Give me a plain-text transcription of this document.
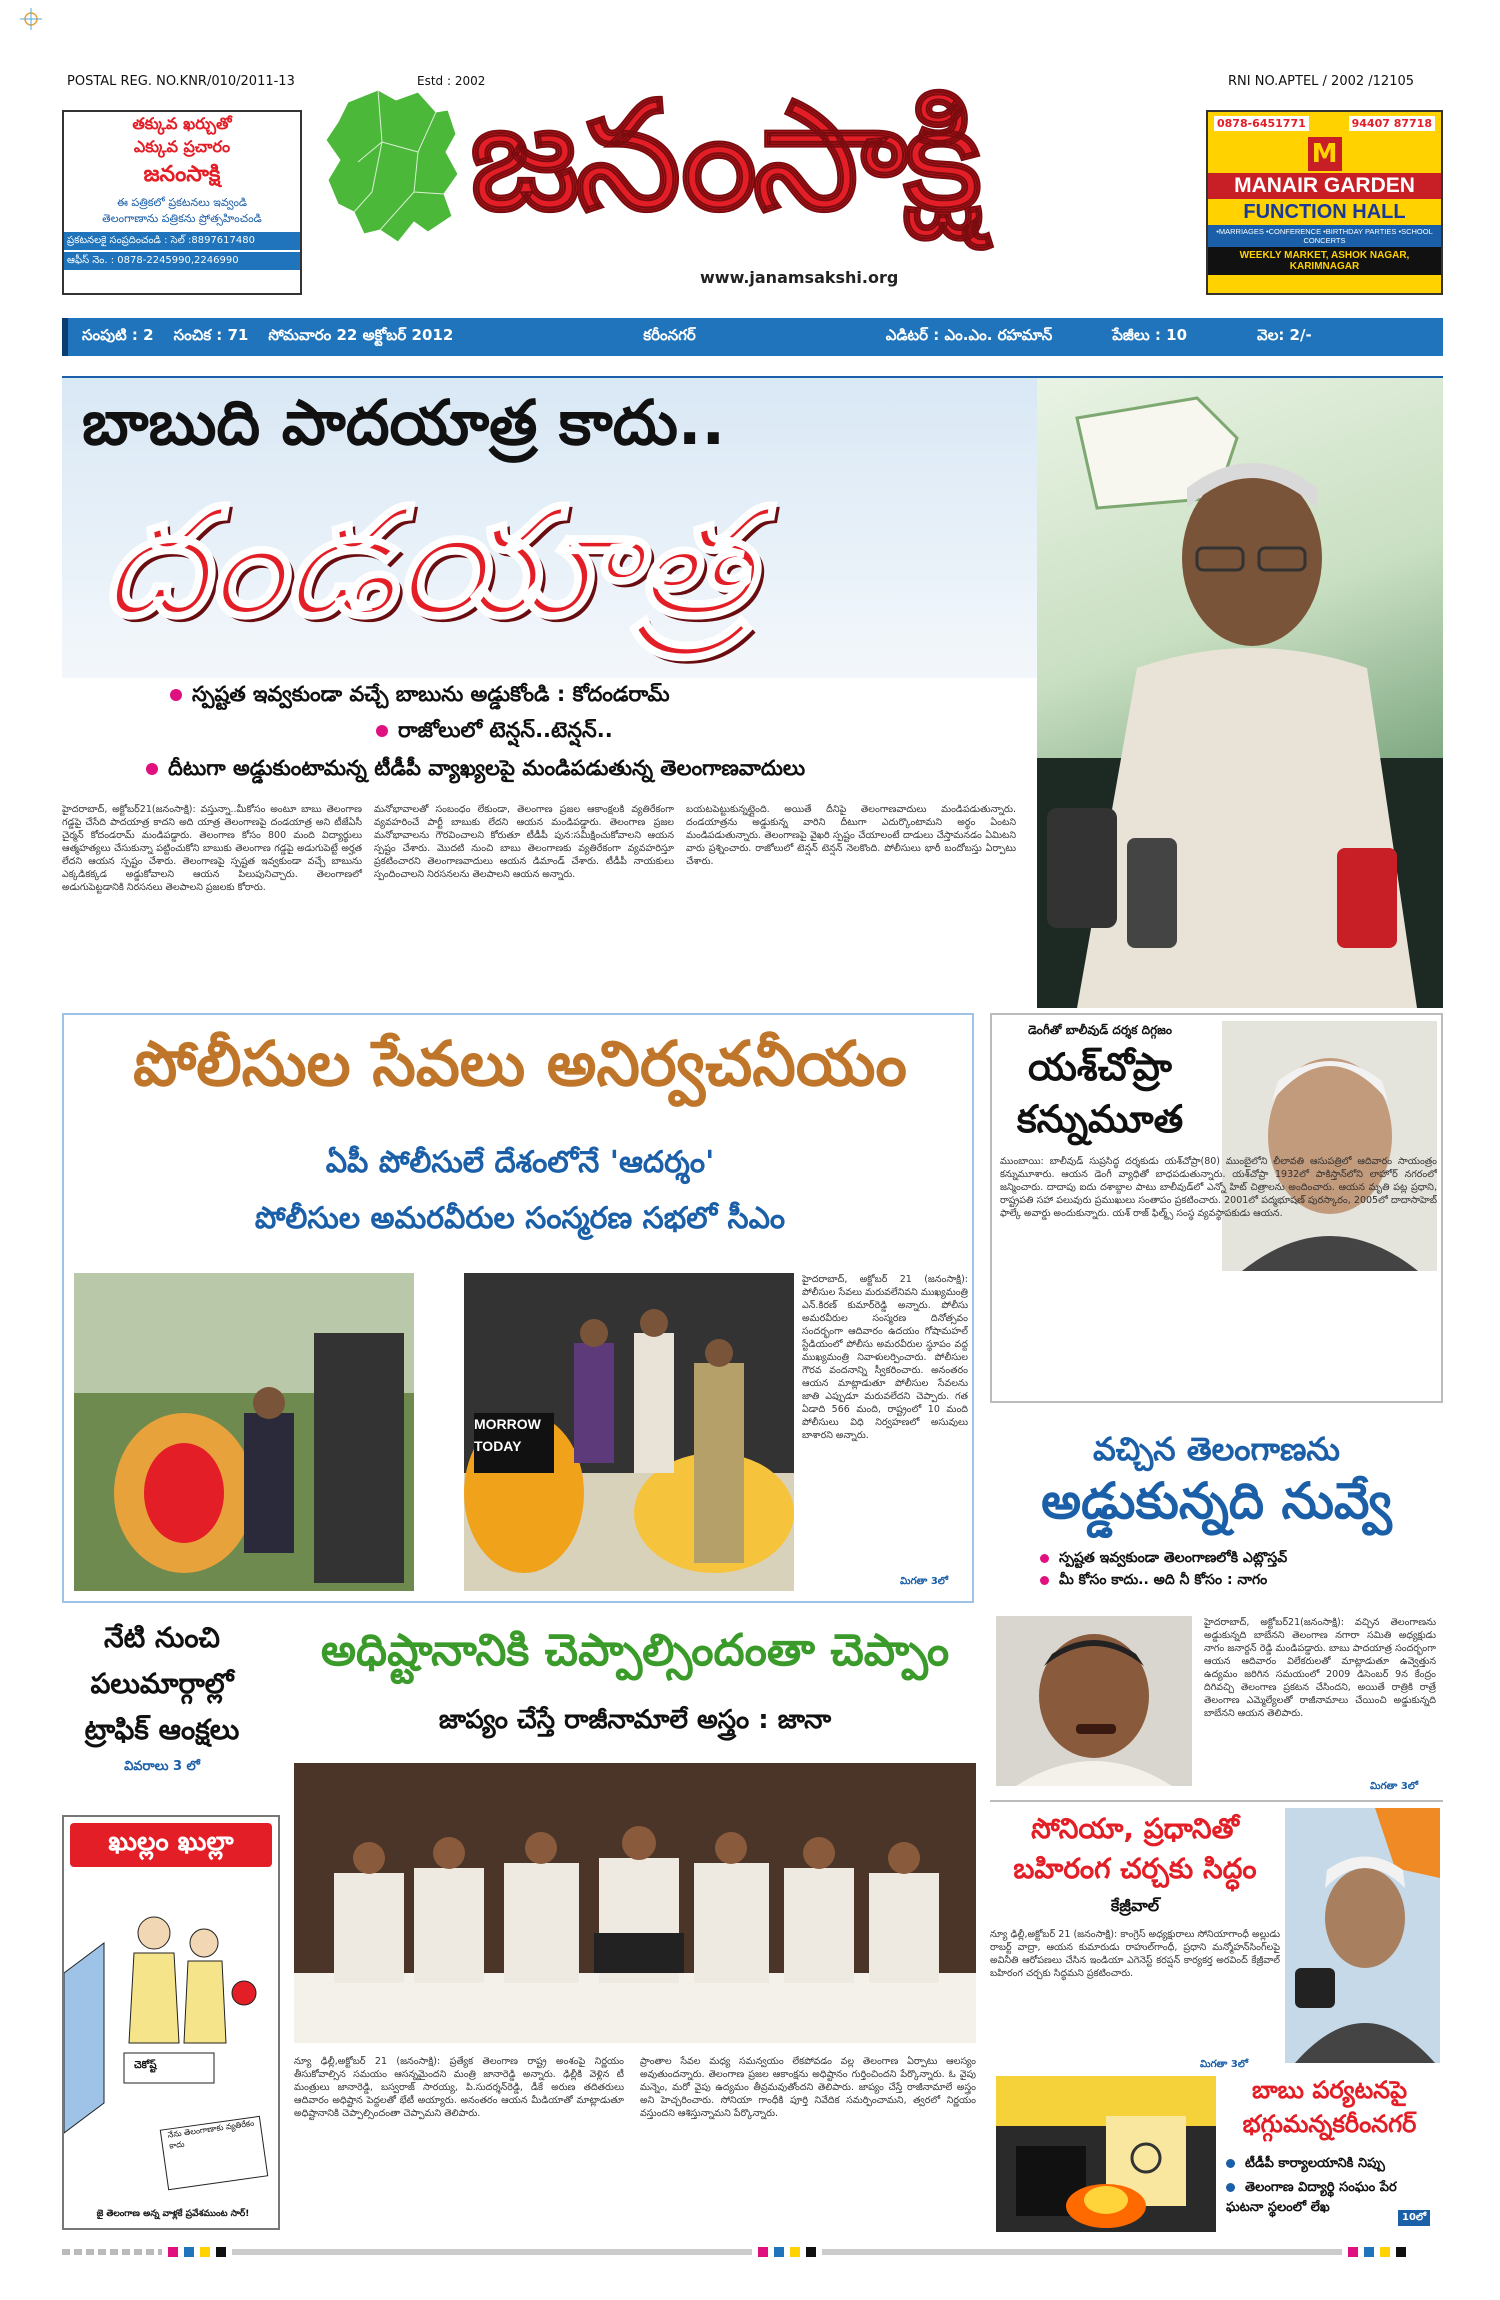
POSTAL REG. NO.KNR/010/2011-13	Estd : 2002	RNI NO.APTEL / 2002 /12105
తక్కువ ఖర్చుతో
ఎక్కువ ప్రచారం
జనంసాక్షి
ఈ పత్రికలో ప్రకటనలు ఇవ్వండి
తెలంగాణాను పత్రికను ప్రోత్సహించండి
ప్రకటనలకై సంప్రదించండి : సెల్ :8897617480
ఆఫీస్ నెం. : 0878-2245990,2246990
జనంసాక్షి
www.janamsakshi.org
0878-6451771	94407 87718
M
MANAIR GARDEN
FUNCTION HALL
•MARRIAGES •CONFERENCE •BIRTHDAY PARTIES •SCHOOL CONCERTS
WEEKLY MARKET, ASHOK NAGAR, KARIMNAGAR
సంపుటి : 2 సంచిక : 71 సోమవారం 22 అక్టోబర్ 2012	కరీంనగర్	ఎడిటర్ : ఎం.ఎం. రహమాన్	పేజీలు : 10	వెల: 2/-
బాబుది పాదయాత్ర కాదు..
దండయాత్ర
స్పష్టత ఇవ్వకుండా వచ్చే బాబును అడ్డుకోండి : కోదండరామ్
రాజోలులో టెన్షన్..టెన్షన్..
దీటుగా అడ్డుకుంటామన్న టీడీపీ వ్యాఖ్యలపై మండిపడుతున్న తెలంగాణవాదులు
హైదరాబాద్, అక్టోబర్21(జనంసాక్షి): వస్తున్నా..మీకోసం అంటూ బాబు తెలంగాణ గడ్డపై చేసేది పాదయాత్ర కాదని అది యాత్ర తెలంగాణపై దండయాత్ర అని టీజేఏసీ చైర్మన్ కోదండరామ్ మండిపడ్డారు. తెలంగాణ కోసం 800 మంది విద్యార్థులు ఆత్మహత్యలు చేసుకున్నా పట్టించుకోని బాబుకు తెలంగాణ గడ్డపై అడుగుపెట్టే అర్హత లేదని ఆయన స్పష్టం చేశారు. తెలంగాణపై స్పష్టత ఇవ్వకుండా వచ్చే బాబును ఎక్కడికక్కడ అడ్డుకోవాలని ఆయన పిలుపునిచ్చారు. తెలంగాణలో అడుగుపెట్టడానికి నిరసనలు తెలపాలని ప్రజలకు కోరారు.
మనోభావాలతో సంబంధం లేకుండా, తెలంగాణ ప్రజల ఆకాంక్షలకి వ్యతిరేకంగా వ్యవహరించే పార్టీ బాబుకు లేదని ఆయన మండిపడ్డారు. తెలంగాణ ప్రజల మనోభావాలను గౌరవించాలని కోరుతూ టీడీపీ పున:సమీక్షించుకోవాలని ఆయన స్పష్టం చేశారు. మొదటి నుంచి బాబు తెలంగాణకు వ్యతిరేకంగా వ్యవహరిస్తూ ప్రకటించారని తెలంగాణవాదులు ఆయన డిమాండ్ చేశారు. టీడీపీ నాయకులు స్పందించాలని నిరసనలను తెలపాలని ఆయన అన్నారు.
బయటపెట్టుకున్నట్లైంది. అయితే దీనిపై తెలంగాణవాదులు మండిపడుతున్నారు. దండయాత్రను అడ్డుకున్న వారిని దీటుగా ఎదుర్కొంటామని అర్థం ఏంటని మండిపడుతున్నారు. తెలంగాణపై వైఖరి స్పష్టం చేయాలంటే దాడులు చేస్తామనడం ఏమిటని వారు ప్రశ్నించారు. రాజోలులో టెన్షన్ టెన్షన్ నెలకొంది. పోలీసులు భారీ బందోబస్తు ఏర్పాటు చేశారు.
పోలీసుల సేవలు అనిర్వచనీయం
ఏపీ పోలీసులే దేశంలోనే 'ఆదర్శం'
పోలీసుల అమరవీరుల సంస్మరణ సభలో సీఎం
MORROW TODAY
హైదరాబాద్, అక్టోబర్ 21 (జనంసాక్షి): పోలీసుల సేవలు మరువలేనివని ముఖ్యమంత్రి ఎన్.కిరణ్ కుమార్‌రెడ్డి అన్నారు. పోలీసు అమరవీరుల సంస్మరణ దినోత్సవం సందర్భంగా ఆదివారం ఉదయం గోషామహల్ స్టేడియంలో పోలీసు అమరవీరుల స్థూపం వద్ద ముఖ్యమంత్రి నివాళులర్పించారు. పోలీసుల గౌరవ వందనాన్ని స్వీకరించారు. అనంతరం ఆయన మాట్లాడుతూ పోలీసుల సేవలను జాతి ఎప్పుడూ మరువలేదని చెప్పారు. గత ఏడాది 566 మంది, రాష్ట్రంలో 10 మంది పోలీసులు విధి నిర్వహణలో అసువులు బాశారని అన్నారు.
మిగతా 3లో
డెంగీతో బాలీవుడ్ దర్శక దిగ్గజం
యశ్‌చోప్రా
కన్నుమూత
ముంబాయి: బాలీవుడ్ సుప్రసిద్ధ దర్శకుడు యశ్‌చోప్రా(80) ముంబైలోని లీలావతి ఆసుపత్రిలో ఆదివారం సాయంత్రం కన్నుమూశారు. ఆయన డెంగీ వ్యాధితో బాధపడుతున్నారు. యశ్‌చోప్రా 1932లో పాకిస్తాన్‌లోని లాహోర్ నగరంలో జన్మించారు. దాదాపు ఐదు దశాబ్దాల పాటు బాలీవుడ్‌లో ఎన్నో హిట్ చిత్రాలను అందించారు. ఆయన మృతి పట్ల ప్రధాని, రాష్ట్రపతి సహా పలువురు ప్రముఖులు సంతాపం ప్రకటించారు. 2001లో పద్మభూషణ్ పురస్కారం, 2005లో దాదాసాహెబ్ ఫాల్కే అవార్డు అందుకున్నారు. యశ్ రాజ్ ఫిల్మ్స్ సంస్థ వ్యవస్థాపకుడు ఆయన.
వచ్చిన తెలంగాణను
అడ్డుకున్నది నువ్వే
స్పష్టత ఇవ్వకుండా తెలంగాణలోకి ఎట్లొస్తవ్
మీ కోసం కాదు.. అది నీ కోసం : నాగం
హైదరాబాద్, అక్టోబర్21(జనంసాక్షి): వచ్చిన తెలంగాణను అడ్డుకున్నది బాబేనని తెలంగాణ నగారా సమితి అధ్యక్షుడు నాగం జనార్దన్ రెడ్డి మండిపడ్డారు. బాబు పాదయాత్ర సందర్భంగా ఆయన ఆదివారం విలేకరులతో మాట్లాడుతూ ఉవ్వెత్తున ఉద్యమం జరిగిన సమయంలో 2009 డిసెంబర్ 9న కేంద్రం దిగివచ్చి తెలంగాణ ప్రకటన చేసిందని, అయితే రాత్రికి రాత్రే తెలంగాణ ఎమ్మెల్యేలతో రాజీనామాలు చేయించి అడ్డుకున్నది బాబేనని ఆయన తెలిపారు.
మిగతా 3లో
నేటి నుంచి
పలుమార్గాల్లో
ట్రాఫిక్ ఆంక్షలు
వివరాలు 3 లో
ఖుల్లం ఖుల్లా
చెకోష్ట్
నేను తెలంగాణాకు వ్యతిరేకం కాదు
జై తెలంగాణ అన్న వాళ్లకే ప్రవేశముంట సార్!
అధిష్టానానికి చెప్పాల్సిందంతా చెప్పాం
జాప్యం చేస్తే రాజీనామాలే అస్త్రం : జానా
న్యూ ఢిల్లీ,అక్టోబర్ 21 (జనంసాక్షి): ప్రత్యేక తెలంగాణ రాష్ట్ర అంశంపై నిర్ణయం తీసుకోవాల్సిన సమయం ఆసన్నమైందని మంత్రి జానారెడ్డి అన్నారు. ఢిల్లీకి వెళ్లిన టీ మంత్రులు జానారెడ్డి, బస్వరాజ్ సారయ్య, పి.సుదర్శన్‌రెడ్డి, డీకే అరుణ తదితరులు ఆదివారం అధిష్టాన పెద్దలతో భేటీ అయ్యారు. అనంతరం ఆయన మీడియాతో మాట్లాడుతూ అధిష్టానానికి చెప్పాల్సిందంతా చెప్పామని తెలిపారు.
ప్రాంతాల సేవల మధ్య సమన్వయం లేకపోవడం వల్ల తెలంగాణ ఏర్పాటు ఆలస్యం అవుతుందన్నారు. తెలంగాణ ప్రజల ఆకాంక్షను అధిష్టానం గుర్తించిందని పేర్కొన్నారు. ఓ వైపు మన్నెం, మరో వైపు ఉద్యమం తీవ్రమవుతోందని తెలిపారు. జాప్యం చేస్తే రాజీనామాలే అస్త్రం అని హెచ్చరించారు. సోనియా గాంధీకి పూర్తి నివేదిక సమర్పించామని, త్వరలో నిర్ణయం వస్తుందని ఆశిస్తున్నామని పేర్కొన్నారు.
సోనియా, ప్రధానితో
బహిరంగ చర్చకు సిద్ధం
కేజ్రీవాల్
న్యూ ఢిల్లీ,అక్టోబర్ 21 (జనంసాక్షి): కాంగ్రెస్ అధ్యక్షురాలు సోనియాగాంధీ అల్లుడు రాబర్ట్ వాద్రా, ఆయన కుమారుడు రాహుల్‌గాంధీ, ప్రధాని మన్మోహన్‌సింగ్‌లపై అవినీతి ఆరోపణలు చేసిన ఇండియా ఎగెనెస్ట్ కరప్షన్ కార్యకర్త అరవింద్ కేజ్రీవాల్ బహిరంగ చర్చకు సిద్ధమని ప్రకటించారు.
మిగతా 3లో
బాబు పర్యటనపై
భగ్గుమన్నకరీంనగర్
టీడీపీ కార్యాలయానికి నిప్పు
తెలంగాణ విద్యార్థి సంఘం పేర ఘటనా స్థలంలో లేఖ
10లో
